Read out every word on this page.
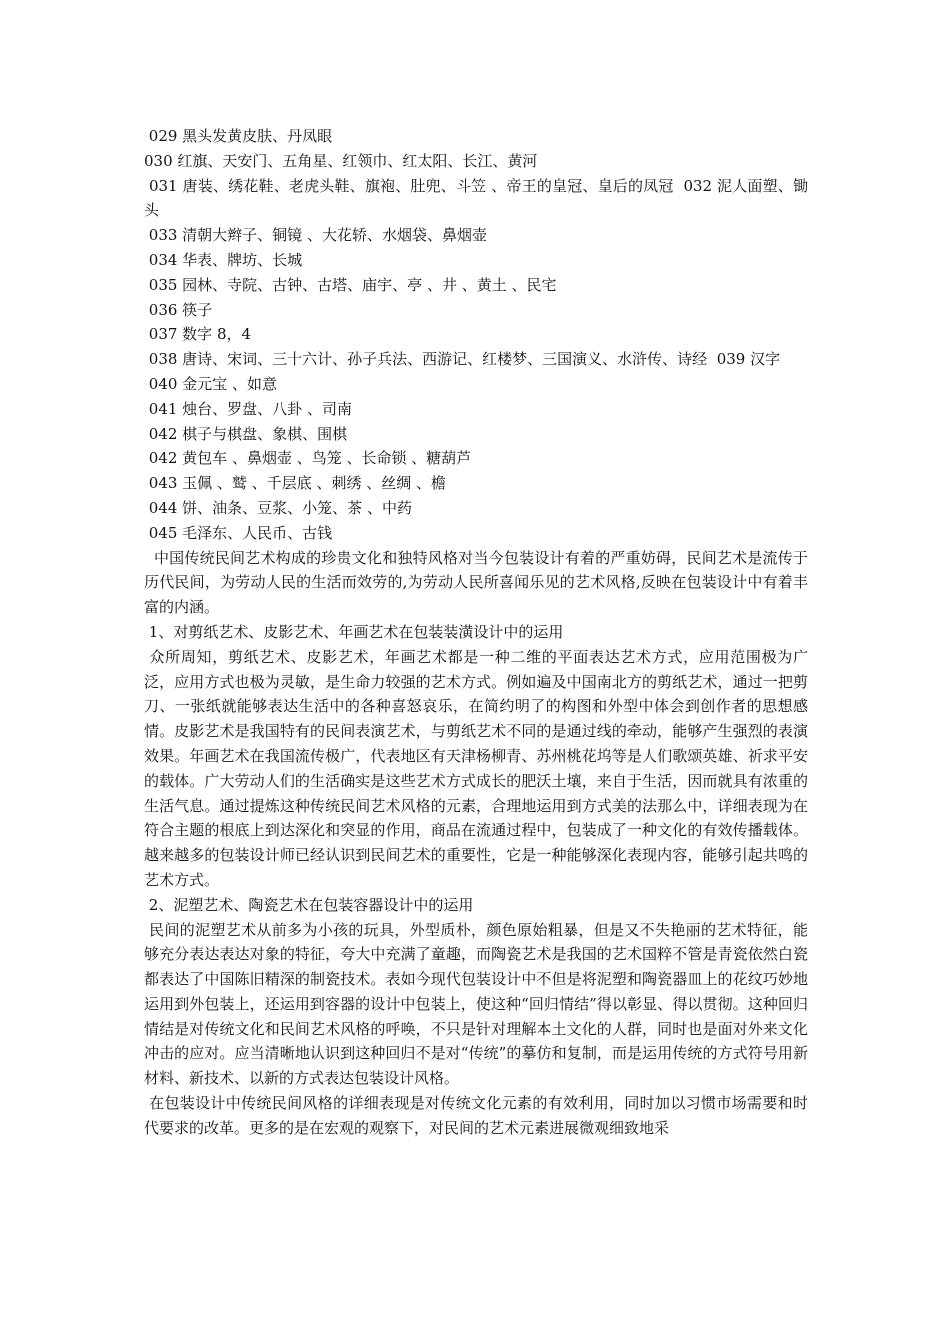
029 黑头发黄皮肤、丹凤眼

030 红旗、天安门、五角星、红领巾、红太阳、长江、黄河

031 唐装、绣花鞋、老虎头鞋、旗袍、肚兜、斗笠 、帝王的皇冠、皇后的凤冠  032 泥人面塑、锄头

033 清朝大辫子、铜镜 、大花轿、水烟袋、鼻烟壶

034 华表、牌坊、长城

035 园林、寺院、古钟、古塔、庙宇、亭 、井 、黄土 、民宅

036 筷子

037 数字 8，4

038 唐诗、宋词、三十六计、孙子兵法、西游记、红楼梦、三国演义、水浒传、诗经  039 汉字

040 金元宝 、如意

041 烛台、罗盘、八卦 、司南

042 棋子与棋盘、象棋、围棋

042 黄包车 、鼻烟壶 、鸟笼 、长命锁 、糖葫芦

043 玉佩 、鹫 、千层底 、刺绣 、丝绸 、檐

044 饼、油条、豆浆、小笼、茶 、中药

045 毛泽东、人民币、古钱

中国传统民间艺术构成的珍贵文化和独特风格对当今包装设计有着的严重妨碍，民间艺术是流传于历代民间，为劳动人民的生活而效劳的,为劳动人民所喜闻乐见的艺术风格,反映在包装设计中有着丰富的内涵。

1、对剪纸艺术、皮影艺术、年画艺术在包装装潢设计中的运用

众所周知，剪纸艺术、皮影艺术，年画艺术都是一种二维的平面表达艺术方式，应用范围极为广泛，应用方式也极为灵敏，是生命力较强的艺术方式。例如遍及中国南北方的剪纸艺术，通过一把剪刀、一张纸就能够表达生活中的各种喜怒哀乐，在简约明了的构图和外型中体会到创作者的思想感情。皮影艺术是我国特有的民间表演艺术，与剪纸艺术不同的是通过线的牵动，能够产生强烈的表演效果。年画艺术在我国流传极广，代表地区有天津杨柳青、苏州桃花坞等是人们歌颂英雄、祈求平安的载体。广大劳动人们的生活确实是这些艺术方式成长的肥沃土壤，来自于生活，因而就具有浓重的生活气息。通过提炼这种传统民间艺术风格的元素，合理地运用到方式美的法那么中，详细表现为在符合主题的根底上到达深化和突显的作用，商品在流通过程中，包装成了一种文化的有效传播载体。越来越多的包装设计师已经认识到民间艺术的重要性，它是一种能够深化表现内容，能够引起共鸣的艺术方式。

2、泥塑艺术、陶瓷艺术在包装容器设计中的运用

民间的泥塑艺术从前多为小孩的玩具，外型质朴，颜色原始粗暴，但是又不失艳丽的艺术特征，能够充分表达表达对象的特征，夸大中充满了童趣，而陶瓷艺术是我国的艺术国粹不管是青瓷依然白瓷都表达了中国陈旧精深的制瓷技术。表如今现代包装设计中不但是将泥塑和陶瓷器皿上的花纹巧妙地运用到外包装上，还运用到容器的设计中包装上，使这种“回归情结”得以彰显、得以贯彻。这种回归情结是对传统文化和民间艺术风格的呼唤，不只是针对理解本土文化的人群，同时也是面对外来文化冲击的应对。应当清晰地认识到这种回归不是对“传统”的摹仿和复制，而是运用传统的方式符号用新材料、新技术、以新的方式表达包装设计风格。

在包装设计中传统民间风格的详细表现是对传统文化元素的有效利用，同时加以习惯市场需要和时代要求的改革。更多的是在宏观的观察下，对民间的艺术元素进展微观细致地采
